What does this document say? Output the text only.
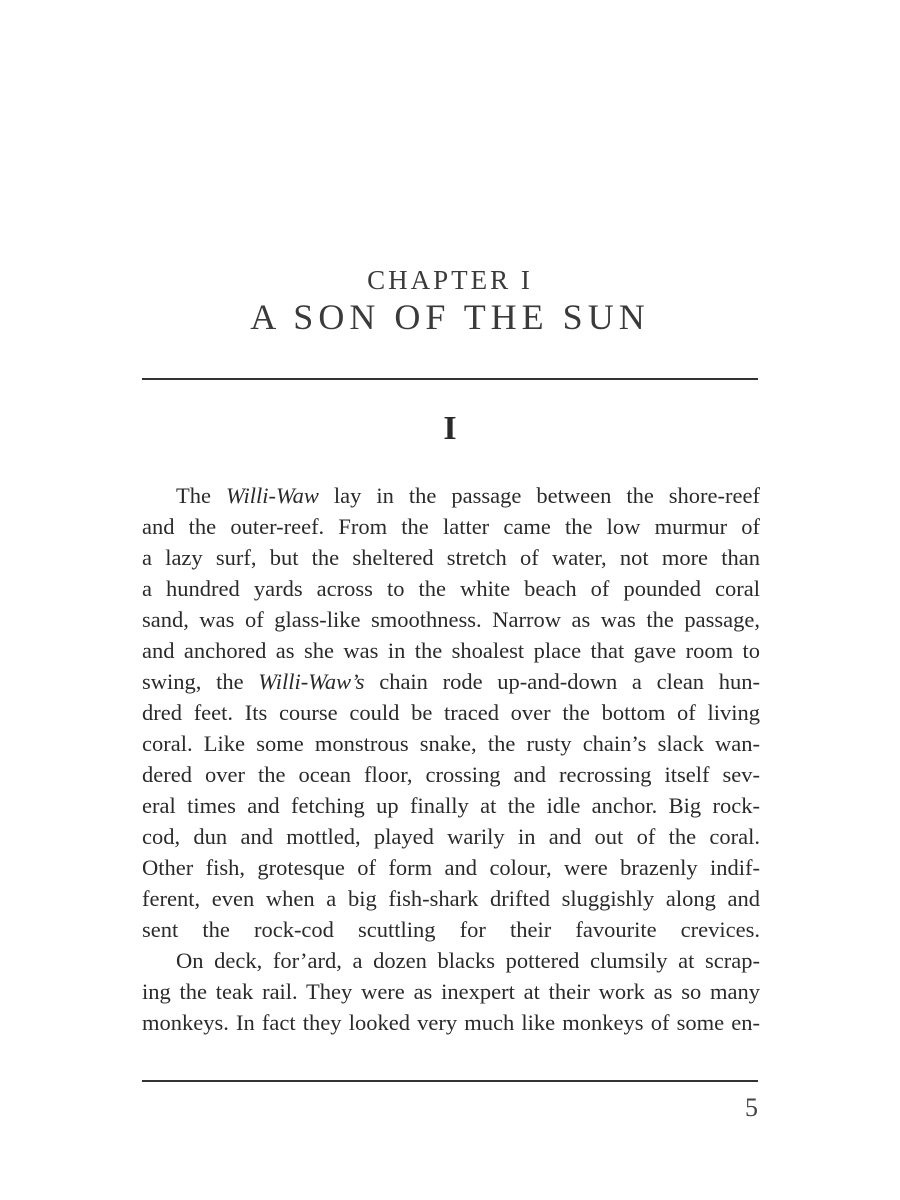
CHAPTER I
A SON OF THE SUN
I
The Willi-Waw lay in the passage between the shore-reef
and the outer-reef. From the latter came the low murmur of
a lazy surf, but the sheltered stretch of water, not more than
a hundred yards across to the white beach of pounded coral
sand, was of glass-like smoothness. Narrow as was the passage,
and anchored as she was in the shoalest place that gave room to
swing, the Willi-Waw’s chain rode up-and-down a clean hun-
dred feet. Its course could be traced over the bottom of living
coral. Like some monstrous snake, the rusty chain’s slack wan-
dered over the ocean floor, crossing and recrossing itself sev-
eral times and fetching up finally at the idle anchor. Big rock-
cod, dun and mottled, played warily in and out of the coral.
Other fish, grotesque of form and colour, were brazenly indif-
ferent, even when a big fish-shark drifted sluggishly along and
sent the rock-cod scuttling for their favourite crevices.
On deck, for’ard, a dozen blacks pottered clumsily at scrap-
ing the teak rail. They were as inexpert at their work as so many
monkeys. In fact they looked very much like monkeys of some en-
5
